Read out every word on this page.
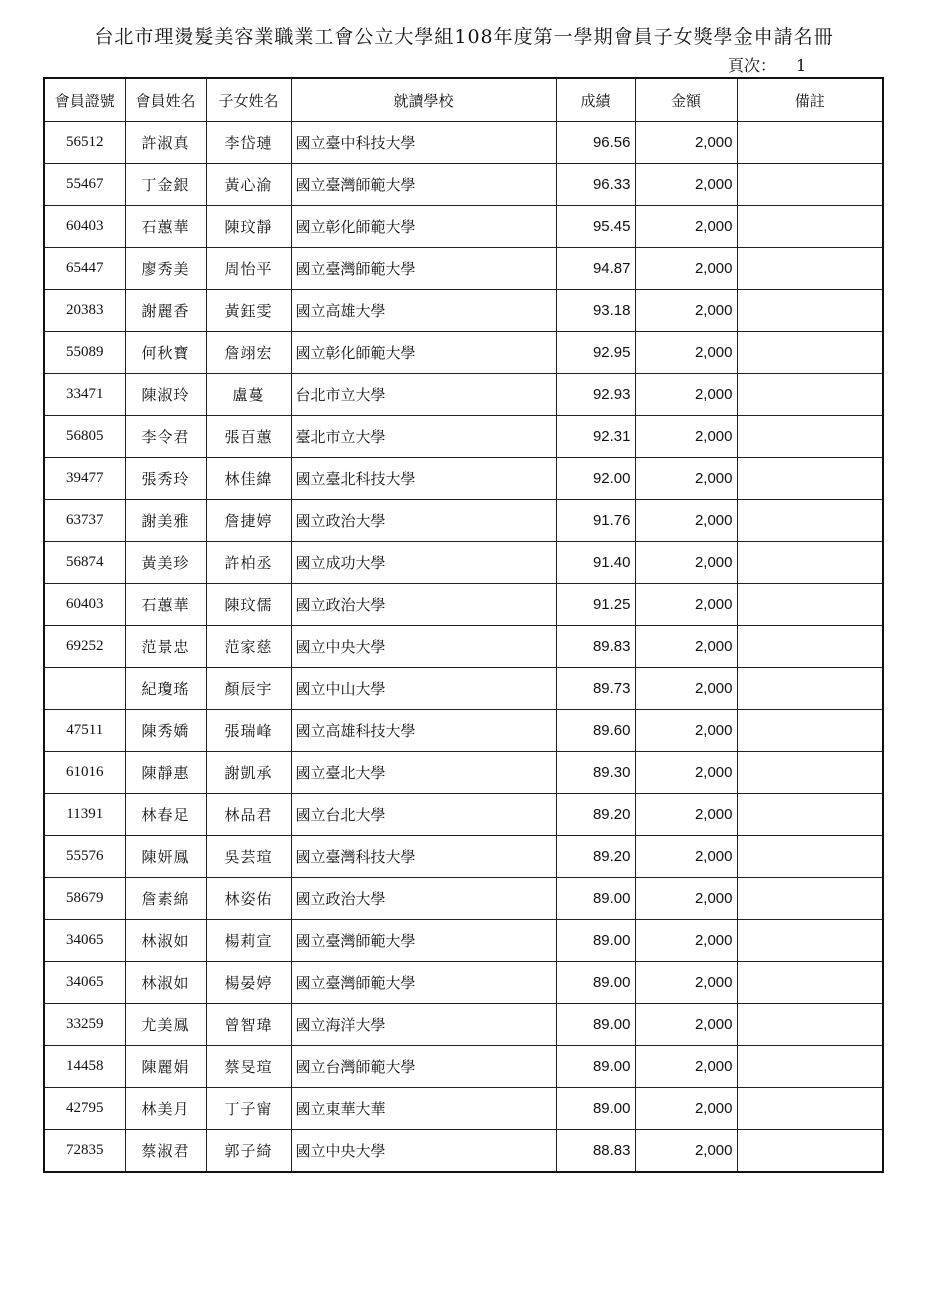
台北市理燙髮美容業職業工會公立大學組108年度第一學期會員子女獎學金申請名冊
頁次： 1
會員證號	會員姓名	子女姓名	就讀學校	成績	金額	備註
56512	許淑真	李岱璉	國立臺中科技大學	96.56	2,000	
55467	丁金銀	黃心渝	國立臺灣師範大學	96.33	2,000	
60403	石蕙華	陳玟靜	國立彰化師範大學	95.45	2,000	
65447	廖秀美	周怡平	國立臺灣師範大學	94.87	2,000	
20383	謝麗香	黃鈺雯	國立高雄大學	93.18	2,000	
55089	何秋寶	詹翊宏	國立彰化師範大學	92.95	2,000	
33471	陳淑玲	盧蔓	台北市立大學	92.93	2,000	
56805	李令君	張百蕙	臺北市立大學	92.31	2,000	
39477	張秀玲	林佳緯	國立臺北科技大學	92.00	2,000	
63737	謝美雅	詹捷婷	國立政治大學	91.76	2,000	
56874	黃美珍	許柏丞	國立成功大學	91.40	2,000	
60403	石蕙華	陳玟儒	國立政治大學	91.25	2,000	
69252	范景忠	范家慈	國立中央大學	89.83	2,000	
	紀瓊瑤	顏辰宇	國立中山大學	89.73	2,000	
47511	陳秀嬌	張瑞峰	國立高雄科技大學	89.60	2,000	
61016	陳靜惠	謝凱承	國立臺北大學	89.30	2,000	
11391	林春足	林品君	國立台北大學	89.20	2,000	
55576	陳妍鳳	吳芸瑄	國立臺灣科技大學	89.20	2,000	
58679	詹素綿	林姿佑	國立政治大學	89.00	2,000	
34065	林淑如	楊莉宣	國立臺灣師範大學	89.00	2,000	
34065	林淑如	楊晏婷	國立臺灣師範大學	89.00	2,000	
33259	尤美鳳	曾智瑋	國立海洋大學	89.00	2,000	
14458	陳麗娟	蔡旻瑄	國立台灣師範大學	89.00	2,000	
42795	林美月	丁子甯	國立東華大華	89.00	2,000	
72835	蔡淑君	郭子綺	國立中央大學	88.83	2,000	
